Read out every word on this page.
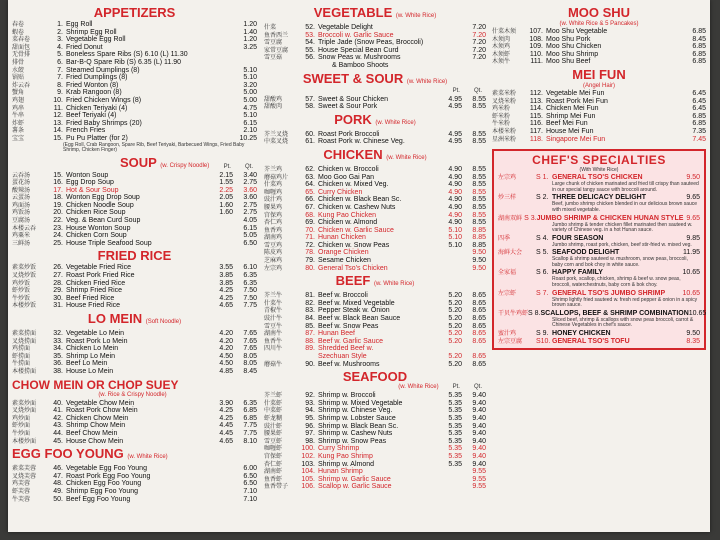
APPETIZERS
春卷	1. Egg Roll	1.20
蝦卷	2. Shrimp Egg Roll	1.40
菜春卷	3. Vegetable Egg Roll	1.20
甜面包	4. Fried Donut	3.25
无骨排	5. Boneless Spare Ribs (S) 6.10 (L) 11.30
排骨	6. Bar-B-Q Spare Rib (S) 6.35 (L) 11.90
水餃	7. Steamed Dumplings (8)	5.10
锅贴	7. Fried Dumplings (8)	5.10
炸云吞	8. Fried Wonton (8)	3.20
蟹角	9. Krab Rangoon (8)	5.00
鸡翅	10. Fried Chicken Wings (8)	5.00
鸡串	11. Chicken Teriyaki (4)	4.75
牛串	12. Beef Teriyaki (4)	5.10
炸虾	13. Fried Baby Shrimps (20)	6.15
薯条	14. French Fries	2.10
宝宝	15. Pu Pu Platter (for 2)	10.25
(Egg Roll, Crab Rangoon, Spare Rib, Beef Teriyaki, Barbecued Wings, Fried Baby Shrimp, Chicken Finger)
SOUP (w. Crispy Noodle)	Pt. Qt.
云吞汤	15. Wonton Soup	2.15	3.40
蛋花汤	16. Egg Drop Soup	1.55	2.75
酸辣汤	17. Hot & Sour Soup	2.25	3.60
云蛋汤	18. Wonton Egg Drop Soup	2.05	3.60
鸡面汤	19. Chicken Noodle Soup	1.60	2.75
鸡饭汤	20. Chicken Rice Soup	1.60	2.75
豆腐汤	22. Veg. & Bean Curd Soup	4.05
本楼云吞	23. House Wonton Soup	6.15
鸡粟米	24. Chicken Corn Soup	5.05
三鲜汤	25. House Triple Seafood Soup	6.50
FRIED RICE
素菜炒饭	26. Vegetable Fried Rice	3.55	6.10
叉烧炒饭	27. Roast Pork Fried Rice	3.85	6.35
鸡炒饭	28. Chicken Fried Rice	3.85	6.35
虾炒饭	29. Shrimp Fried Rice	4.25	7.50
牛炒饭	30. Beef Fried Rice	4.25	7.50
本楼炒饭	31. House Fried Rice	4.65	7.75
LO MEIN (Soft Noodle)
素菜捞面	32. Vegetable Lo Mein	4.20	7.65
叉烧捞面	33. Roast Pork Lo Mein	4.20	7.65
鸡捞面	34. Chicken Lo Mein	4.20	7.65
虾捞面	35. Shrimp Lo Mein	4.50	8.05
牛捞面	36. Beef Lo Mein	4.50	8.05
本楼捞面	38. House Lo Mein	4.85	8.45
CHOW MEIN OR CHOP SUEY
(w. Rice & Crispy Noodle)
素菜炒面	40. Vegetable Chow Mein	3.90	6.35
叉烧炒面	41. Roast Pork Chow Mein	4.25	6.85
鸡炒面	42. Chicken Chow Mein	4.25	6.85
虾炒面	43. Shrimp Chow Mein	4.45	7.75
牛炒面	44. Beef Chow Mein	4.45	7.75
本楼炒面	45. House Chow Mein	4.65	8.10
EGG FOO YOUNG (w. White Rice)
素菜芙蓉	46. Vegetable Egg Foo Young	6.00
叉烧芙蓉	47. Roast Pork Egg Foo Young	6.50
鸡芙蓉	48. Chicken Egg Foo Young	6.50
虾芙蓉	49. Shrimp Egg Foo Young	7.10
牛芙蓉	50. Beef Egg Foo Young	7.10
VEGETABLE (w. White Rice)
什菜	52. Vegetable Delight	7.20
鱼香西兰	53. Broccoli w. Garlic Sauce	7.20
雪豆腐	54. Triple Jade (Snow Peas, Broccoli)	7.20
家常豆腐	55. House Special Bean Curd	7.20
雪豆菇	56. Snow Peas w. Mushrooms	7.20
& Bamboo Shoots
SWEET & SOUR (w. White Rice)
Pt. Qt.
甜酸鸡	57. Sweet & Sour Chicken	4.95	8.55
甜酸肉	58. Sweet & Sour Pork	4.95	8.55
PORK (w. White Rice)
芥兰叉烧	60. Roast Pork Broccoli	4.95	8.55
中菜叉烧	61. Roast Pork w. Chinese Veg.	4.95	8.55
CHICKEN (w. White Rice)
芥兰鸡	62. Chicken w. Broccoli	4.90	8.55
蘑菇鸡片	63. Moo Goo Gai Pan	4.90	8.55
什菜鸡	64. Chicken w. Mixed Veg.	4.90	8.55
咖喱鸡	65. Curry Chicken	4.90	8.55
豉汁鸡	66. Chicken w. Black Bean Sc.	4.90	8.55
腰果鸡	67. Chicken w. Cashew Nuts	4.90	8.55
宫保鸡	68. Kung Pao Chicken	4.90	8.55
杏仁鸡	69. Chicken w. Almond	4.90	8.55
鱼香鸡	70. Chicken w. Garlic Sauce	5.10	8.85
湖南鸡	71. Hunan Chicken	5.10	8.85
雪豆鸡	72. Chicken w. Snow Peas	5.10	8.85
陈皮鸡	78. Orange Chicken	9.50
芝麻鸡	79. Sesame Chicken	9.50
左宗鸡	80. General Tso's Chicken	9.50
BEEF (w. White Rice)
芥兰牛	81. Beef w. Broccoli	5.20	8.65
什菜牛	82. Beef w. Mixed Vegetable	5.20	8.65
青椒牛	83. Pepper Steak w. Onion	5.20	8.65
豉汁牛	84. Beef w. Black Bean Sauce	5.20	8.65
雪豆牛	85. Beef w. Snow Peas	5.20	8.65
湖南牛	87. Hunan Beef	5.20	8.65
鱼香牛	88. Beef w. Garlic Sauce	5.20	8.65
四川牛	89. Shredded Beef w.
Szechuan Style	5.20	8.65
蘑菇牛	90. Beef w. Mushrooms	5.20	8.65
SEAFOOD
(w. White Rice) Pt. Qt.
芥兰虾	92. Shrimp w. Broccoli	5.35	9.40
什菜虾	93. Shrimp w. Mixed Vegetable	5.35	9.40
中菜虾	94. Shrimp w. Chinese Veg.	5.35	9.40
虾龙糊	95. Shrimp w. Lobster Sauce	5.35	9.40
豉汁虾	96. Shrimp w. Black Bean Sc.	5.35	9.40
腰果虾	97. Shrimp w. Cashew Nuts	5.35	9.40
雪豆虾	98. Shrimp w. Snow Peas	5.35	9.40
咖喱虾	100. Curry Shrimp	5.35	9.40
宫保虾	102. Kung Pao Shrimp	5.35	9.40
杏仁虾	103. Shrimp w. Almond	5.35	9.40
湖南虾	104. Hunan Shrimp	9.55
鱼香虾	105. Shrimp w. Garlic Sauce	9.55
鱼香带子	106. Scallop w. Garlic Sauce	9.55
MOO SHU
(w. White Rice & 5 Pancakes)
什菜木须	107. Moo Shu Vegetable	6.85
木须肉	108. Moo Shu Pork	8.45
木须鸡	109. Moo Shu Chicken	6.85
木须虾	110. Moo Shu Shrimp	6.85
木须牛	111. Moo Shu Beef	6.85
MEI FUN
(Angel Hair)
素菜米粉	112. Vegetable Mei Fun	6.45
叉烧米粉	113. Roast Pork Mei Fun	6.45
鸡米粉	114. Chicken Mei Fun	6.45
虾米粉	115. Shrimp Mei Fun	6.85
牛米粉	116. Beef Mei Fun	6.85
本楼米粉	117. House Mei Fun	7.35
星洲米粉	118. Singapore Mei Fun	7.45
CHEF'S SPECIALTIES
(With White Rice)
左宗鸡	S 1. GENERAL TSO'S CHICKEN	9.50
Large chunk of chicken marinated and fried till crispy than sauteed in our special tangy sauce with broccoli around.
炒三样	S 2. THREE DELICACY DELIGHT	9.65
Beef, jumbo shrimp chicken blended in our delicious brown sauce with mixed vegetable.
湖南双鲜 S 3. JUMBO SHRIMP & CHICKEN HUNAN STYLE 9.65
Jumbo shrimp & tender chicken fillet marinated then sauteed w. variety of Chinese veg. in a hot Hunan sauce.
四季	S 4. FOUR SEASON	9.85
Jumbo shrimp, roast pork, chicken, beef stir-fried w. mixed veg.
海鲜大会	S 5. SEAFOOD DELIGHT	11.95
Scallop & shrimp sauteed w. mushroom, snow peas, broccoli, baby corn and bok choy in white sauce.
全家福	S 6. HAPPY FAMILY	10.65
Roast pork, scallop, chicken, shrimp & beef w. snow peas, broccoli, waterchestnuts, baby corn & bok choy.
左宗虾	S 7. GENERAL TSO'S JUMBO SHRIMP	10.65
Shrimp lightly fried sauteed w. fresh red pepper & onion in a spicy brown sauce.
干贝牛鸡虾 S 8. SCALLOPS, BEEF & SHRIMP COMBINATION 10.65
Sliced beef, shrimp & scallops with snow peas broccoli, carrot & Chinese Vegetables in chef's sauce.
蜜汁鸡	S 9. HONEY CHICKEN	9.50
左宗豆腐	S10. GENERAL TSO'S TOFU	8.35
